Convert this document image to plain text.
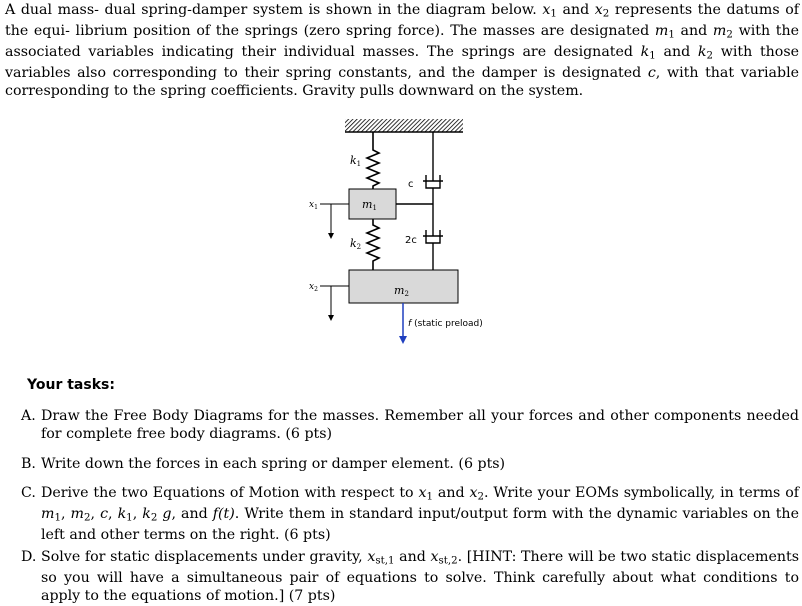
A dual mass- dual spring-damper system is shown in the diagram below. $x_1$ and $x_2$ represents the datums of the equi- librium position of the springs (zero spring force). The masses are designated $m_1$ and $m_2$ with the associated variables indicating their individual masses. The springs are designated $k_1$ and $k_2$ with those variables also corresponding to their spring constants, and the damper is designated c, with that variable corresponding to the spring coefficients. Gravity pulls downward on the system.

k1
m1
$x_1$
k2
c
2c
m2
$x_2$
f (static preload)
Your tasks:

A. Draw the Free Body Diagrams for the masses. Remember all your forces and other components needed for complete free body diagrams. (6 pts)

B. Write down the forces in each spring or damper element. (6 pts)

C. Derive the two Equations of Motion with respect to $x_1$ and $x_2$. Write your EOMs symbolically, in terms of $m_1$, $m_2$, c, $k_1$, $k_2$ g, and f(t). Write them in standard input/output form with the dynamic variables on the left and other terms on the right. (6 pts)

D. Solve for static displacements under gravity, $x_{st,1}$ and $x_{st,2}$. [HINT: There will be two static displacements so you will have a simultaneous pair of equations to solve. Think carefully about what conditions to apply to the equations of motion.] (7 pts)
